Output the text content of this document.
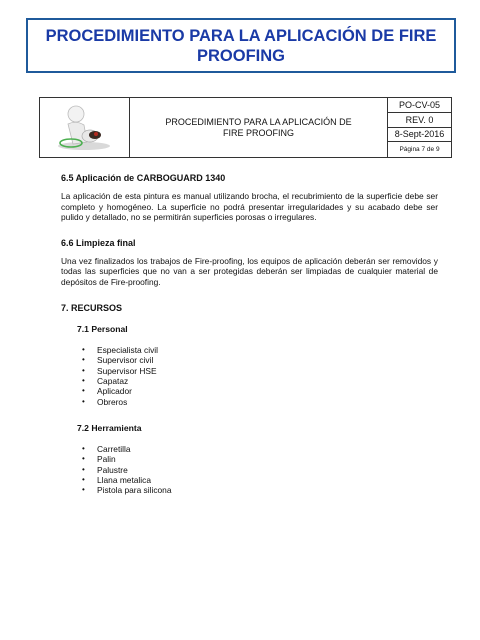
PROCEDIMIENTO PARA LA APLICACIÓN DE FIRE PROOFING
PROCEDIMIENTO PARA LA APLICACIÓN DE FIRE PROOFING
PO-CV-05
REV. 0
8-Sept-2016
Página 7 de 9
6.5 Aplicación de CARBOGUARD 1340

La aplicación de esta pintura es manual utilizando brocha, el recubrimiento de la superficie debe ser completo y homogéneo. La superficie no podrá presentar irregularidades y su acabado debe ser pulido y detallado, no se permitirán superficies porosas o irregulares.

6.6 Limpieza final

Una vez finalizados los trabajos de Fire-proofing, los equipos de aplicación deberán ser removidos y todas las superficies que no van a ser protegidas deberán ser limpiadas de cualquier material de depósitos de Fire-proofing.

7. RECURSOS
7.1 Personal
• Especialista civil
• Supervisor civil
• Supervisor HSE
• Capataz
• Aplicador
• Obreros
7.2 Herramienta
• Carretilla
• Palin
• Palustre
• Llana metalica
• Pistola para silicona
